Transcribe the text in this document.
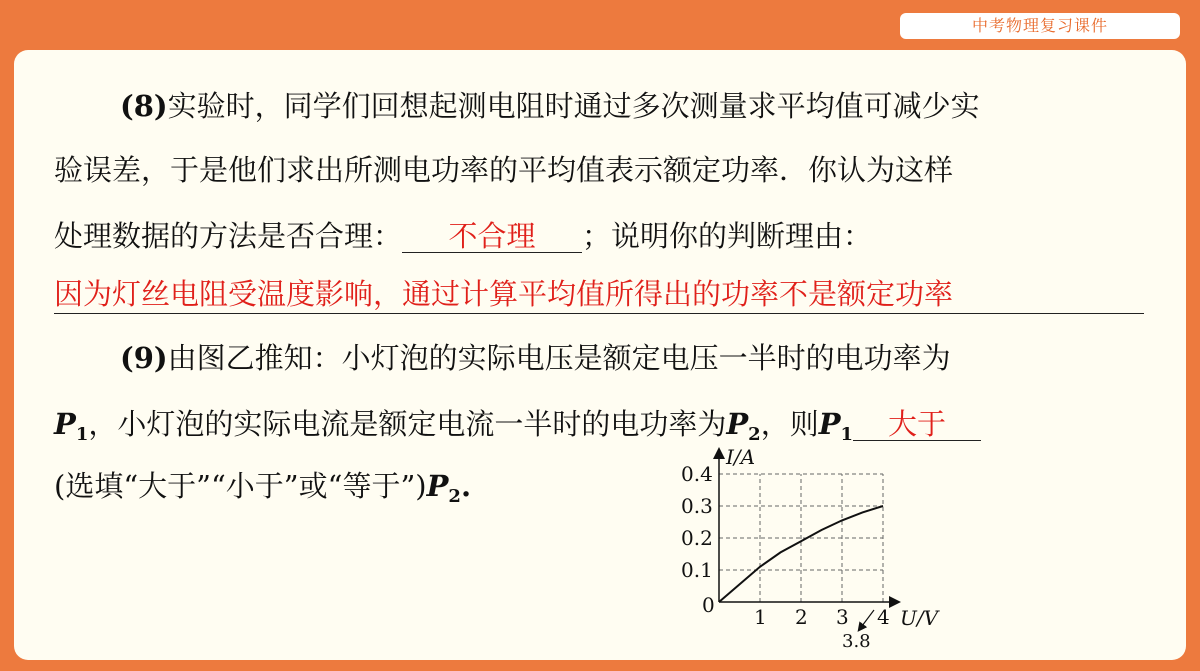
中考物理复习课件
(8)实验时，同学们回想起测电阻时通过多次测量求平均值可减少实
验误差，于是他们求出所测电功率的平均值表示额定功率．你认为这样
处理数据的方法是否合理： 不合理 ；说明你的判断理由：
因为灯丝电阻受温度影响，通过计算平均值所得出的功率不是额定功率
(9)由图乙推知：小灯泡的实际电压是额定电压一半时的电功率为
$P_1$，小灯泡的实际电流是额定电流一半时的电功率为$P_2$，则$P_1$ 大于
(选填“大于”“小于”或“等于$”)P_2$.
I/A
U/V
0 1 2 3 4
0.1
0.2
0.3
0.4
3.8
